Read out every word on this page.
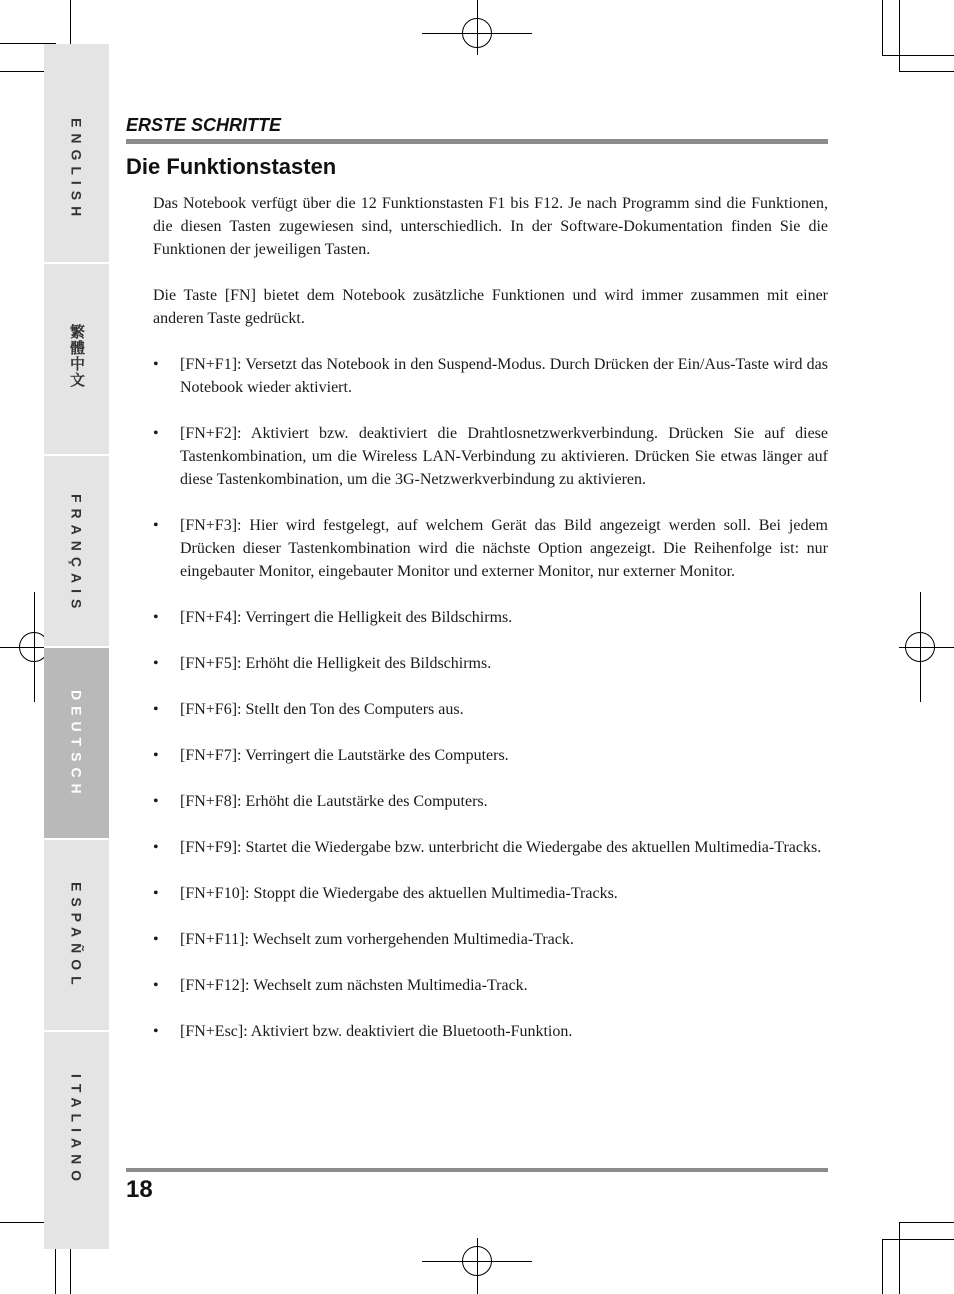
ENGLISH
繁體中文
FRANÇAIS
DEUTSCH
ESPAÑOL
ITALIANO
ERSTE SCHRITTE
Die Funktionstasten

Das Notebook verfügt über die 12 Funktionstasten F1 bis F12. Je nach Programm sind die Funktionen, die diesen Tasten zugewiesen sind, unterschiedlich. In der Software-Dokumentation finden Sie die Funktionen der jeweiligen Tasten.

Die Taste [FN] bietet dem Notebook zusätzliche Funktionen und wird immer zusammen mit einer anderen Taste gedrückt.

• [FN+F1]: Versetzt das Notebook in den Suspend-Modus. Durch Drücken der Ein/Aus-Taste wird das Notebook wieder aktiviert.
• [FN+F2]: Aktiviert bzw. deaktiviert die Drahtlosnetzwerkverbindung. Drücken Sie auf diese Tastenkombination, um die Wireless LAN-Verbindung zu aktivieren. Drücken Sie etwas länger auf diese Tastenkombination, um die 3G-Netzwerkverbindung zu aktivieren.
• [FN+F3]: Hier wird festgelegt, auf welchem Gerät das Bild angezeigt werden soll. Bei jedem Drücken dieser Tastenkombination wird die nächste Option angezeigt. Die Reihenfolge ist: nur eingebauter Monitor, eingebauter Monitor und externer Monitor, nur externer Monitor.
• [FN+F4]: Verringert die Helligkeit des Bildschirms.
• [FN+F5]: Erhöht die Helligkeit des Bildschirms.
• [FN+F6]: Stellt den Ton des Computers aus.
• [FN+F7]: Verringert die Lautstärke des Computers.
• [FN+F8]: Erhöht die Lautstärke des Computers.
• [FN+F9]: Startet die Wiedergabe bzw. unterbricht die Wiedergabe des aktuellen Multimedia-Tracks.
• [FN+F10]: Stoppt die Wiedergabe des aktuellen Multimedia-Tracks.
• [FN+F11]: Wechselt zum vorhergehenden Multimedia-Track.
• [FN+F12]: Wechselt zum nächsten Multimedia-Track.
• [FN+Esc]: Aktiviert bzw. deaktiviert die Bluetooth-Funktion.
18
